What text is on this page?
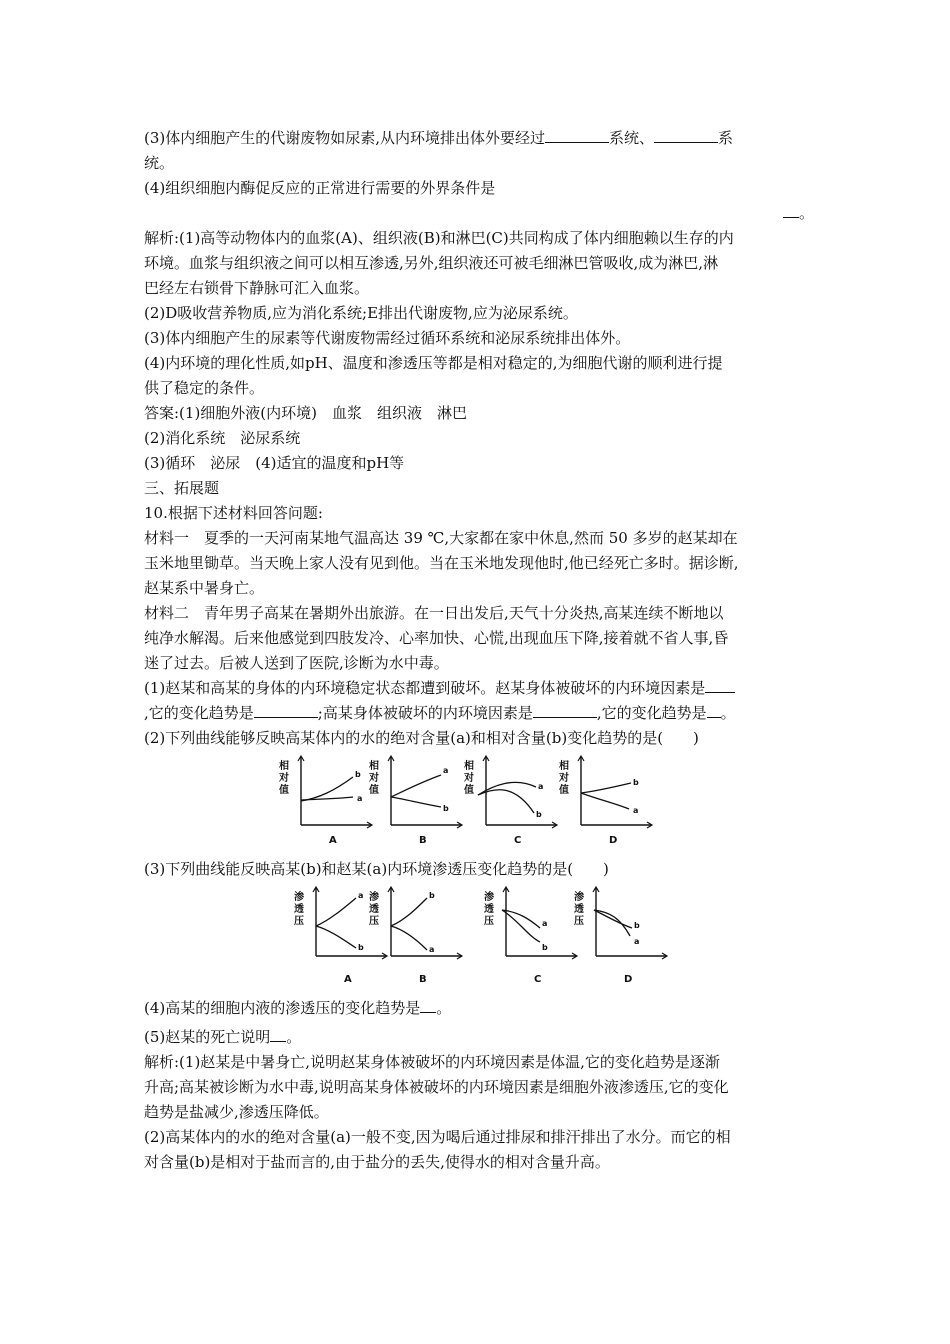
(3)体内细胞产生的代谢废物如尿素,从内环境排出体外要经过	系统、	系

统。

(4)组织细胞内酶促反应的正常进行需要的外界条件是

。

解析:(1)高等动物体内的血浆(A)、组织液(B)和淋巴(C)共同构成了体内细胞赖以生存的内

环境。血浆与组织液之间可以相互渗透,另外,组织液还可被毛细淋巴管吸收,成为淋巴,淋

巴经左右锁骨下静脉可汇入血浆。

(2)D吸收营养物质,应为消化系统;E排出代谢废物,应为泌尿系统。

(3)体内细胞产生的尿素等代谢废物需经过循环系统和泌尿系统排出体外。

(4)内环境的理化性质,如pH、温度和渗透压等都是相对稳定的,为细胞代谢的顺利进行提

供了稳定的条件。

答案:(1)细胞外液(内环境)　血浆　组织液　淋巴

(2)消化系统　泌尿系统

(3)循环　泌尿　(4)适宜的温度和pH等

三、拓展题

10.根据下述材料回答问题:

材料一　夏季的一天河南某地气温高达 39 ℃,大家都在家中休息,然而 50 多岁的赵某却在

玉米地里锄草。当天晚上家人没有见到他。当在玉米地发现他时,他已经死亡多时。据诊断,

赵某系中暑身亡。

材料二　青年男子高某在暑期外出旅游。在一日出发后,天气十分炎热,高某连续不断地以

纯净水解渴。后来他感觉到四肢发冷、心率加快、心慌,出现血压下降,接着就不省人事,昏

迷了过去。后被人送到了医院,诊断为水中毒。

(1)赵某和高某的身体的内环境稳定状态都遭到破坏。赵某身体被破坏的内环境因素是

,它的变化趋势是	;高某身体被破坏的内环境因素是	,它的变化趋势是 。

(2)下列曲线能够反映高某体内的水的绝对含量(a)和相对含量(b)变化趋势的是(　　)

相
对
值
a
b
A
相
对
值
a
b
B
相
对
值	a
b
C
相
对
值
a
b
D

(3)下列曲线能反映高某(b)和赵某(a)内环境渗透压变化趋势的是(　　)

渗
透
压
a
b
A
渗
透
压
a
b
B
渗
透
压	a
b
C
渗
透
压
a
b
D

(4)高某的细胞内液的渗透压的变化趋势是 。

(5)赵某的死亡说明 。

解析:(1)赵某是中暑身亡,说明赵某身体被破坏的内环境因素是体温,它的变化趋势是逐渐

升高;高某被诊断为水中毒,说明高某身体被破坏的内环境因素是细胞外液渗透压,它的变化

趋势是盐减少,渗透压降低。

(2)高某体内的水的绝对含量(a)一般不变,因为喝后通过排尿和排汗排出了水分。而它的相

对含量(b)是相对于盐而言的,由于盐分的丢失,使得水的相对含量升高。
